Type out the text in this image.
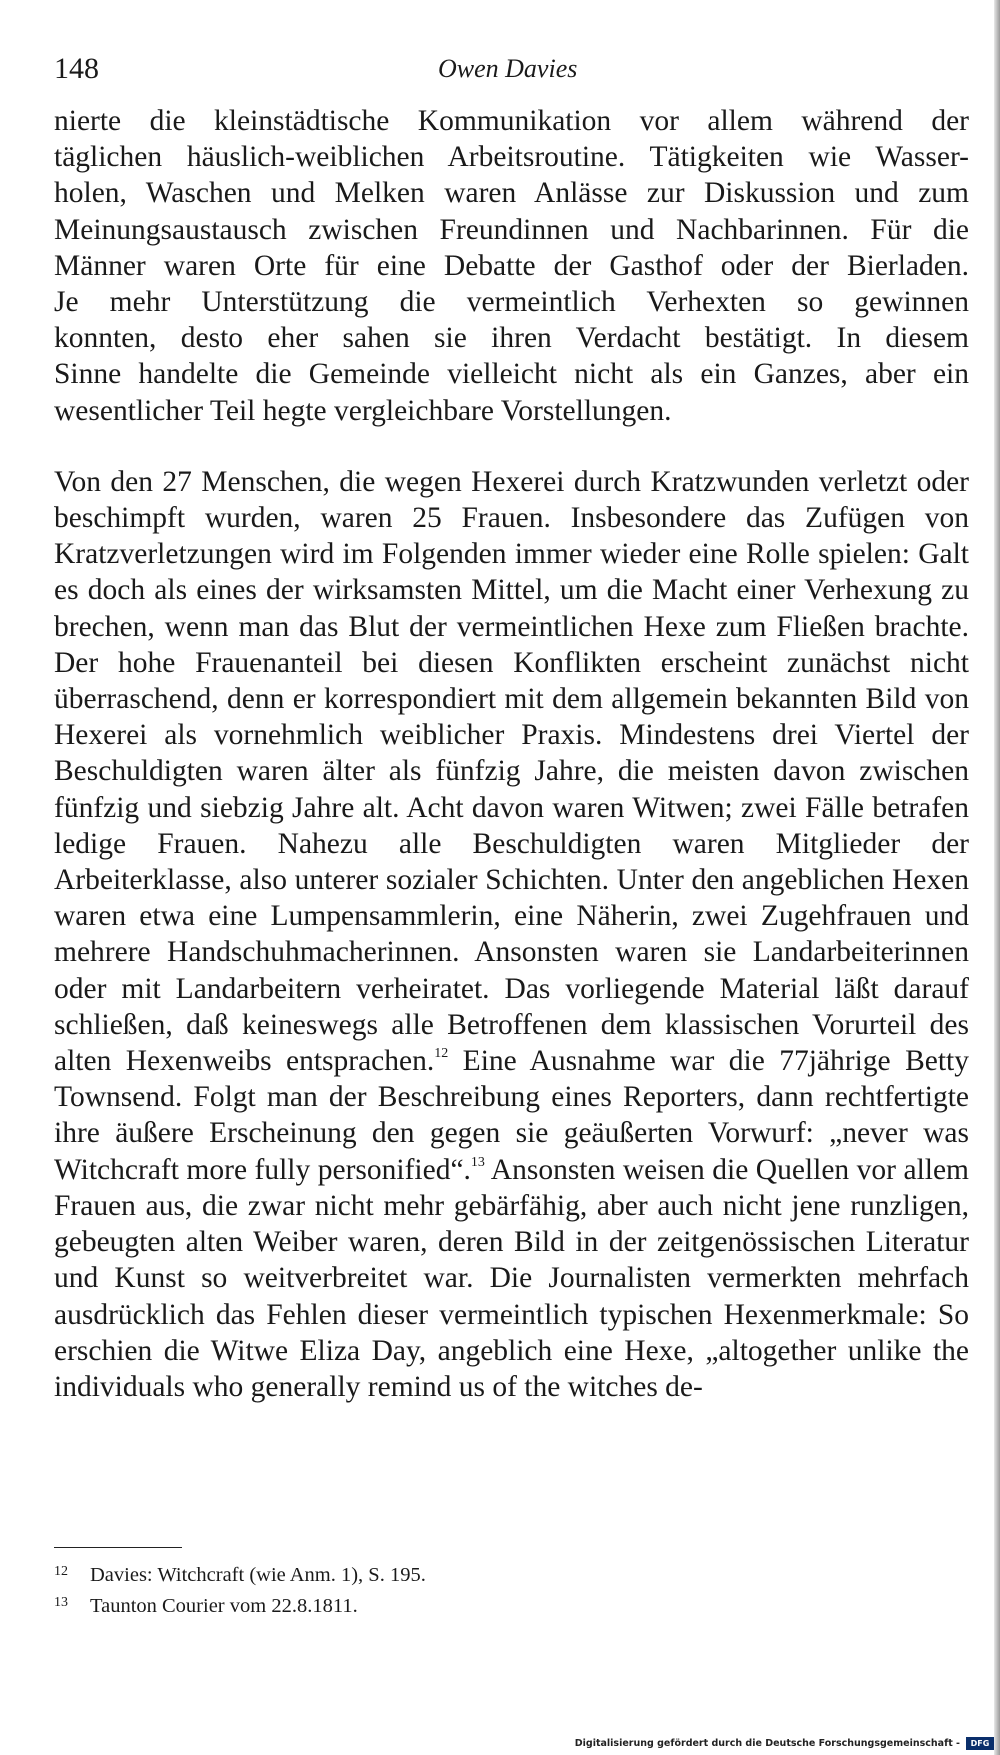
148	Owen Davies

nierte die kleinstädtische Kommunikation vor allem während der

täglichen häuslich-weiblichen Arbeitsroutine. Tätigkeiten wie Wasser-

holen, Waschen und Melken waren Anlässe zur Diskussion und zum

Meinungsaustausch zwischen Freundinnen und Nachbarinnen. Für die

Männer waren Orte für eine Debatte der Gasthof oder der Bierladen.

Je mehr Unterstützung die vermeintlich Verhexten so gewinnen

konnten, desto eher sahen sie ihren Verdacht bestätigt. In diesem

Sinne handelte die Gemeinde vielleicht nicht als ein Ganzes, aber ein

wesentlicher Teil hegte vergleichbare Vorstellungen.

Von den 27 Menschen, die wegen Hexerei durch Kratzwunden verletzt oder beschimpft wurden, waren 25 Frauen. Insbesondere das Zufügen von Kratzverletzungen wird im Folgenden immer wieder eine Rolle spielen: Galt es doch als eines der wirksamsten Mittel, um die Macht einer Verhexung zu brechen, wenn man das Blut der vermeintlichen Hexe zum Fließen brachte. Der hohe Frauenanteil bei diesen Konflikten erscheint zunächst nicht überraschend, denn er korrespondiert mit dem allgemein bekannten Bild von Hexerei als vornehmlich weiblicher Praxis. Mindestens drei Viertel der Beschuldigten waren älter als fünfzig Jahre, die meisten davon zwischen fünfzig und siebzig Jahre alt. Acht davon waren Witwen; zwei Fälle betrafen ledige Frauen. Nahezu alle Beschuldigten waren Mitglieder der Arbeiterklasse, also unterer sozialer Schichten. Unter den angeblichen Hexen waren etwa eine Lumpensammlerin, eine Näherin, zwei Zugehfrauen und mehrere Handschuhmacherinnen. Ansonsten waren sie Landarbeiterinnen oder mit Landarbeitern verheiratet. Das vorliegende Material läßt darauf schließen, daß keineswegs alle Betroffenen dem klassischen Vorurteil des alten Hexenweibs entsprachen.$^{12}$ Eine Ausnahme war die 77jährige Betty Townsend. Folgt man der Beschreibung eines Reporters, dann rechtfertigte ihre äußere Erscheinung den gegen sie geäußerten Vorwurf: „never was Witchcraft more fully personified“.$^{13}$ Ansonsten weisen die Quellen vor allem Frauen aus, die zwar nicht mehr gebärfähig, aber auch nicht jene runzligen, gebeugten alten Weiber waren, deren Bild in der zeitgenössischen Literatur und Kunst so weitverbreitet war. Die Journalisten vermerkten mehrfach ausdrücklich das Fehlen dieser vermeintlich typischen Hexenmerkmale: So erschien die Witwe Eliza Day, angeblich eine Hexe, „altogether unlike the individuals who generally remind us of the witches de-

12 Davies: Witchcraft (wie Anm. 1), S. 195.
13 Taunton Courier vom 22.8.1811.
Digitalisierung gefördert durch die Deutsche Forschungsgemeinschaft -	DFG
